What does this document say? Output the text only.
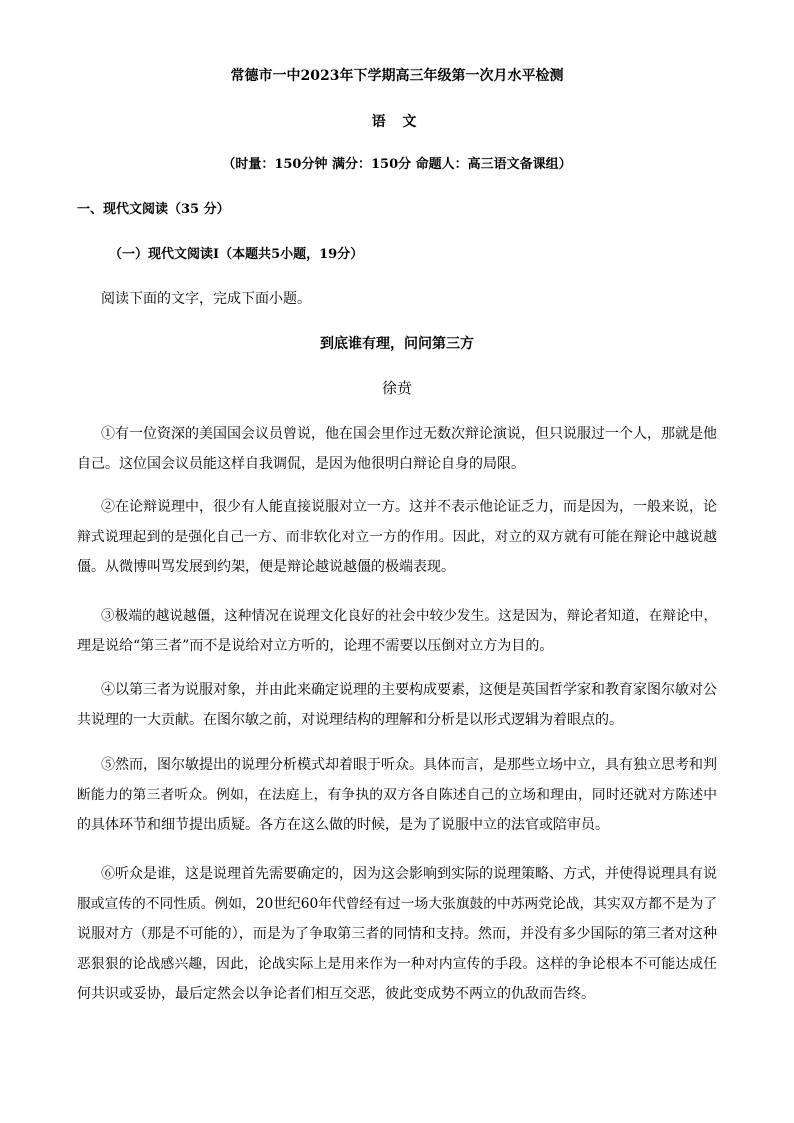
常德市一中2023年下学期高三年级第一次月水平检测
语 文
（时量：150分钟 满分：150分 命题人：高三语文备课组）
一、现代文阅读（35 分）
（一）现代文阅读Ⅰ（本题共5小题，19分）
阅读下面的文字，完成下面小题。
到底谁有理，问问第三方
徐贲
①有一位资深的美国国会议员曾说，他在国会里作过无数次辩论演说，但只说服过一个人，那就是他
自己。这位国会议员能这样自我调侃，是因为他很明白辩论自身的局限。
②在论辩说理中，很少有人能直接说服对立一方。这并不表示他论证乏力，而是因为，一般来说，论
辩式说理起到的是强化自己一方、而非软化对立一方的作用。因此，对立的双方就有可能在辩论中越说越
僵。从微博叫骂发展到约架，便是辩论越说越僵的极端表现。
③极端的越说越僵，这种情况在说理文化良好的社会中较少发生。这是因为，辩论者知道，在辩论中，
理是说给“第三者”而不是说给对立方听的，论理不需要以压倒对立方为目的。
④以第三者为说服对象，并由此来确定说理的主要构成要素，这便是英国哲学家和教育家图尔敏对公
共说理的一大贡献。在图尔敏之前，对说理结构的理解和分析是以形式逻辑为着眼点的。
⑤然而，图尔敏提出的说理分析模式却着眼于听众。具体而言，是那些立场中立，具有独立思考和判
断能力的第三者听众。例如，在法庭上，有争执的双方各自陈述自己的立场和理由，同时还就对方陈述中
的具体环节和细节提出质疑。各方在这么做的时候，是为了说服中立的法官或陪审员。
⑥听众是谁，这是说理首先需要确定的，因为这会影响到实际的说理策略、方式，并使得说理具有说
服或宣传的不同性质。例如，20世纪60年代曾经有过一场大张旗鼓的中苏两党论战，其实双方都不是为了
说服对方（那是不可能的），而是为了争取第三者的同情和支持。然而，并没有多少国际的第三者对这种
恶狠狠的论战感兴趣，因此，论战实际上是用来作为一种对内宣传的手段。这样的争论根本不可能达成任
何共识或妥协，最后定然会以争论者们相互交恶，彼此变成势不两立的仇敌而告终。
